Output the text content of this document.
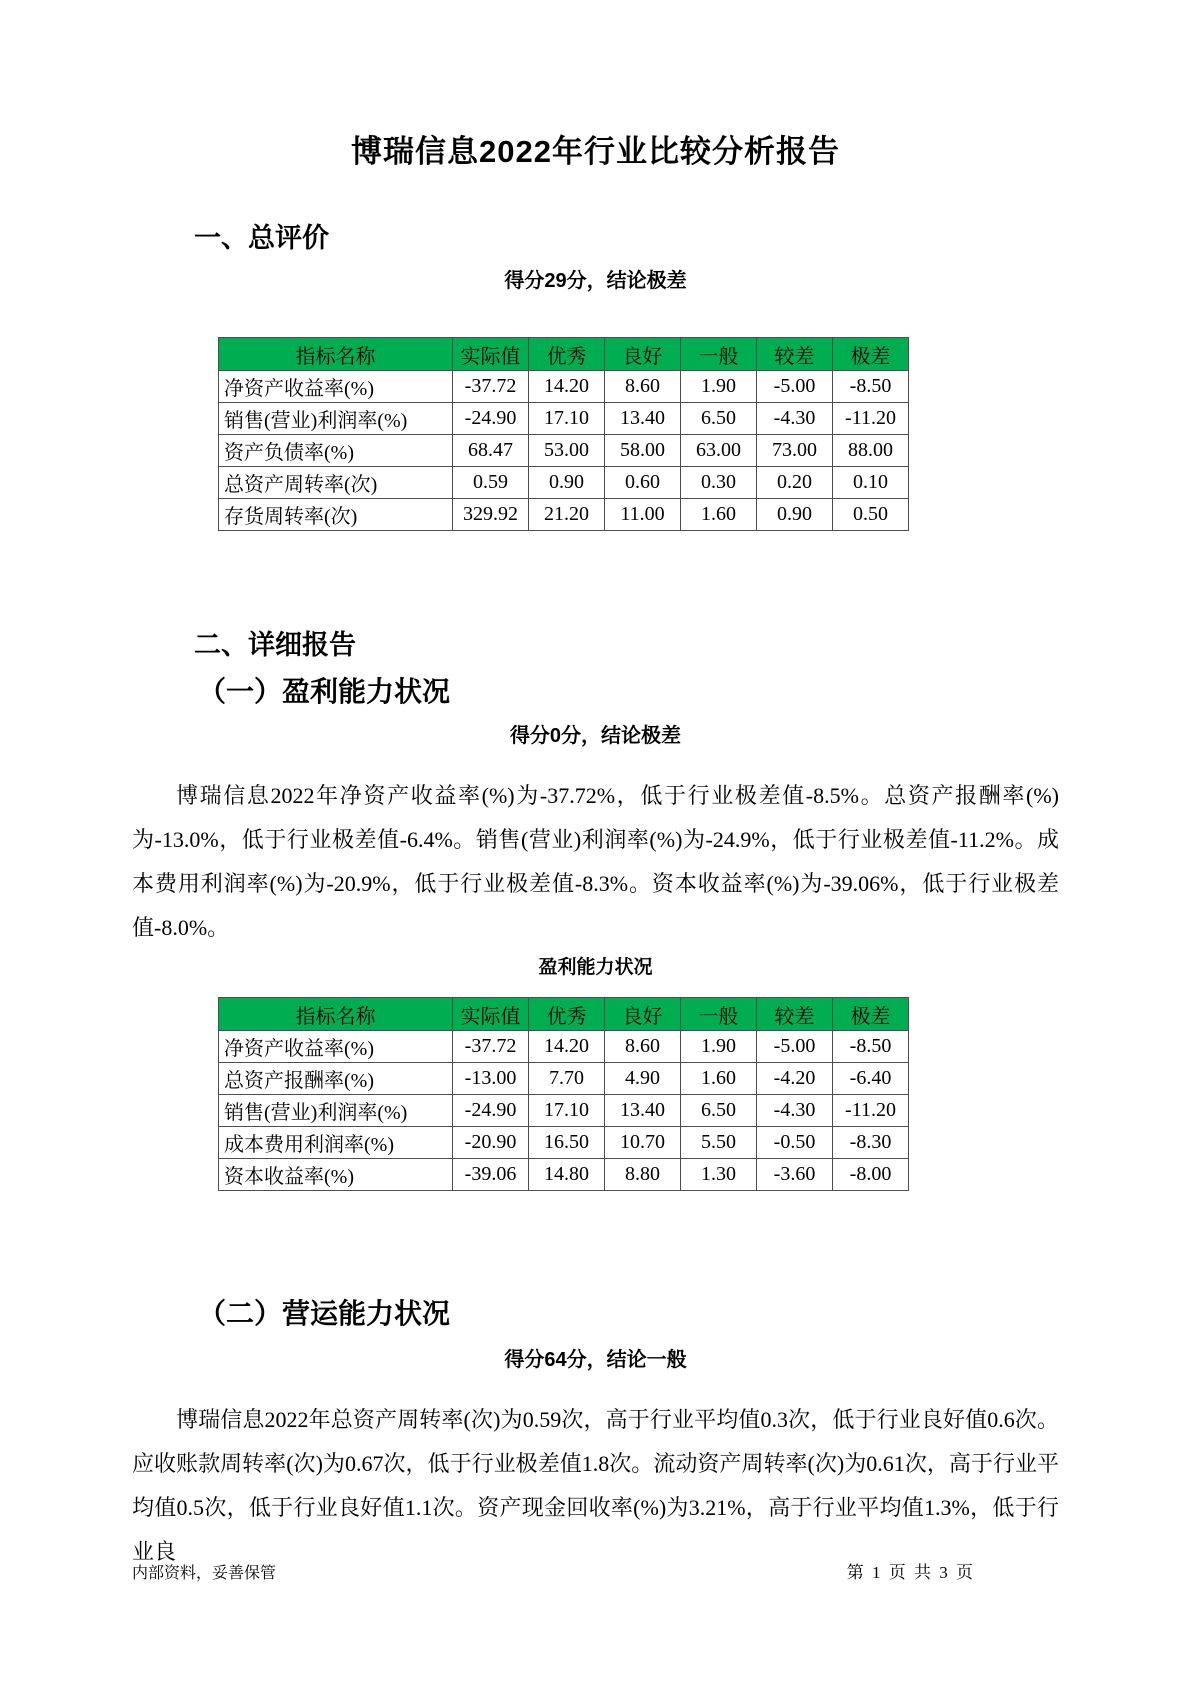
博瑞信息2022年行业比较分析报告
一、总评价
得分29分，结论极差
指标名称	实际值	优秀	良好	一般	较差	极差
净资产收益率(%)	-37.72	14.20	8.60	1.90	-5.00	-8.50
销售(营业)利润率(%)	-24.90	17.10	13.40	6.50	-4.30	-11.20
资产负债率(%)	68.47	53.00	58.00	63.00	73.00	88.00
总资产周转率(次)	0.59	0.90	0.60	0.30	0.20	0.10
存货周转率(次)	329.92	21.20	11.00	1.60	0.90	0.50
二、详细报告
（一）盈利能力状况
得分0分，结论极差

博瑞信息2022年净资产收益率(%)为-37.72%，低于行业极差值-8.5%。总资产报酬率(%)为-13.0%，低于行业极差值-6.4%。销售(营业)利润率(%)为-24.9%，低于行业极差值-11.2%。成本费用利润率(%)为-20.9%，低于行业极差值-8.3%。资本收益率(%)为-39.06%，低于行业极差值-8.0%。

盈利能力状况
指标名称	实际值	优秀	良好	一般	较差	极差
净资产收益率(%)	-37.72	14.20	8.60	1.90	-5.00	-8.50
总资产报酬率(%)	-13.00	7.70	4.90	1.60	-4.20	-6.40
销售(营业)利润率(%)	-24.90	17.10	13.40	6.50	-4.30	-11.20
成本费用利润率(%)	-20.90	16.50	10.70	5.50	-0.50	-8.30
资本收益率(%)	-39.06	14.80	8.80	1.30	-3.60	-8.00
（二）营运能力状况
得分64分，结论一般

博瑞信息2022年总资产周转率(次)为0.59次，高于行业平均值0.3次，低于行业良好值0.6次。应收账款周转率(次)为0.67次，低于行业极差值1.8次。流动资产周转率(次)为0.61次，高于行业平均值0.5次，低于行业良好值1.1次。资产现金回收率(%)为3.21%，高于行业平均值1.3%，低于行业良

内部资料，妥善保管	第 1 页 共 3 页
